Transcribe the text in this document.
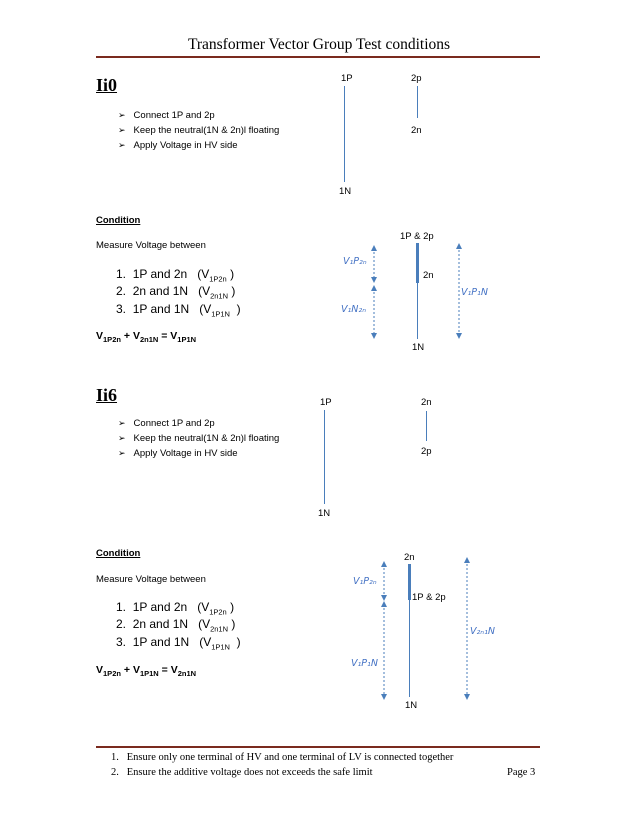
Transformer Vector Group Test conditions
Ii0
➢ Connect 1P and 2p
➢ Keep the neutral(1N & 2n)l floating
➢ Apply Voltage in HV side
1P	2p
2n
1N
Condition
Measure Voltage between
1. 1P and 2n   ($V_{1P2n}$ )
2. 2n and 1N   ($V_{2n1N}$ )
3. 1P and 1N   ($V_{1P1N}$  )
$V_{1P2n} + V_{2n1N} = V_{1P1N}$
1P & 2p
2n
1N
V₁P₂ₙ
V₁N₂ₙ
V₁P₁N
Ii6
➢ Connect 1P and 2p
➢ Keep the neutral(1N & 2n)l floating
➢ Apply Voltage in HV side
1P	2n
2p
1N
Condition
Measure Voltage between
1. 1P and 2n   ($V_{1P2n}$ )
2. 2n and 1N   ($V_{2n1N}$ )
3. 1P and 1N   ($V_{1P1N}$  )
$V_{1P2n} + V_{1P1N} = V_{2n1N}$
2n
1P & 2p
1N
V₁P₂ₙ
V₁P₁N
V₂ₙ₁N
1. Ensure only one terminal of HV and one terminal of LV is connected together
2. Ensure the additive voltage does not exceeds the safe limit	Page 3
